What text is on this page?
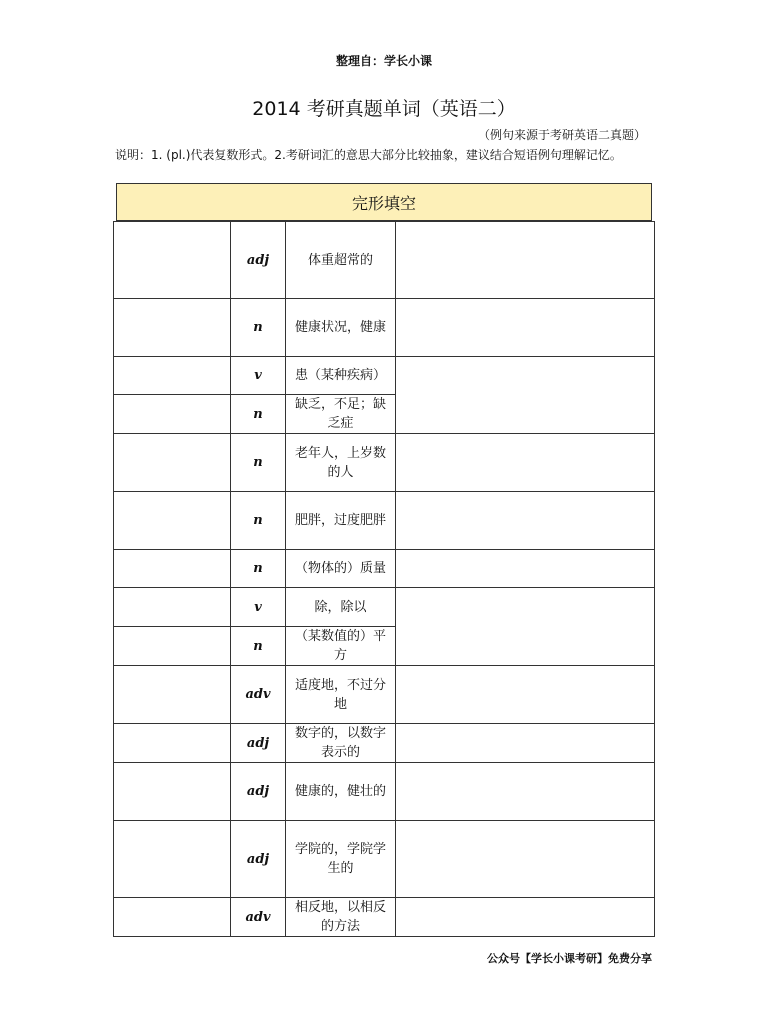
整理自：学长小课
2014 考研真题单词（英语二）
（例句来源于考研英语二真题）
说明：1. (pl.)代表复数形式。2.考研词汇的意思大部分比较抽象，建议结合短语例句理解记忆。
完形填空
	adj	体重超常的	
	n	健康状况，健康	
	v	患（某种疾病）	
	n	缺乏，不足；缺乏症	
	n	老年人，上岁数的人	
	n	肥胖，过度肥胖	
	n	（物体的）质量	
	v	除，除以	
	n	（某数值的）平方	
	adv	适度地，不过分地	
	adj	数字的，以数字表示的	
	adj	健康的，健壮的	
	adj	学院的，学院学生的	
	adv	相反地，以相反的方法	
公众号【学长小课考研】免费分享
